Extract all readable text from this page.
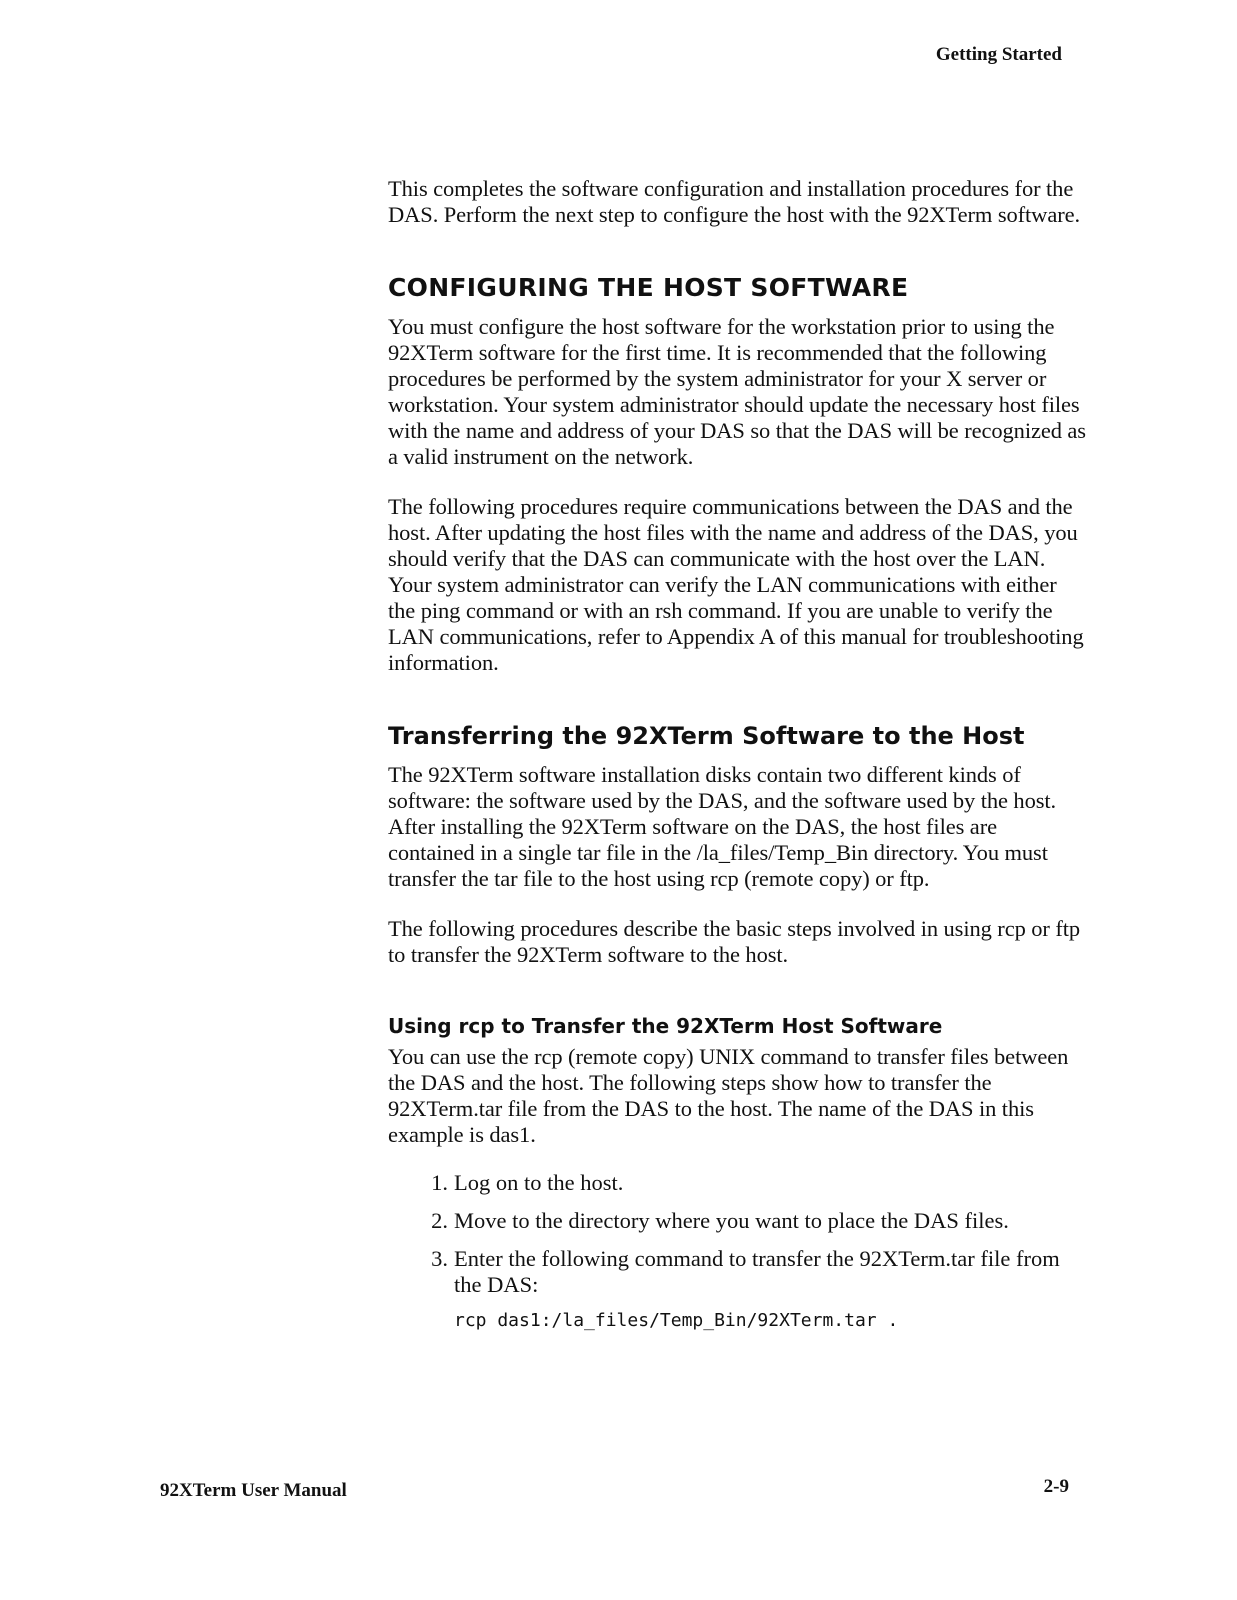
Getting Started

This completes the software configuration and installation procedures for the DAS. Perform the next step to configure the host with the 92XTerm software.

CONFIGURING THE HOST SOFTWARE

You must configure the host software for the workstation prior to using the 92XTerm software for the first time. It is recommended that the following procedures be performed by the system administrator for your X server or workstation. Your system administrator should update the necessary host files with the name and address of your DAS so that the DAS will be recognized as a valid instrument on the network.

The following procedures require communications between the DAS and the host. After updating the host files with the name and address of the DAS, you should verify that the DAS can communicate with the host over the LAN. Your system administrator can verify the LAN communications with either the ping command or with an rsh command. If you are unable to verify the LAN communications, refer to Appendix A of this manual for troubleshooting information.

Transferring the 92XTerm Software to the Host

The 92XTerm software installation disks contain two different kinds of software: the software used by the DAS, and the software used by the host. After installing the 92XTerm software on the DAS, the host files are contained in a single tar file in the /la_files/Temp_Bin directory. You must transfer the tar file to the host using rcp (remote copy) or ftp.

The following procedures describe the basic steps involved in using rcp or ftp to transfer the 92XTerm software to the host.

Using rcp to Transfer the 92XTerm Host Software

You can use the rcp (remote copy) UNIX command to transfer files between the DAS and the host. The following steps show how to transfer the 92XTerm.tar file from the DAS to the host. The name of the DAS in this example is das1.

1. Log on to the host.
2. Move to the directory where you want to place the DAS files.
3. Enter the following command to transfer the 92XTerm.tar file from the DAS:
rcp das1:/la_files/Temp_Bin/92XTerm.tar .
92XTerm User Manual	2-9
